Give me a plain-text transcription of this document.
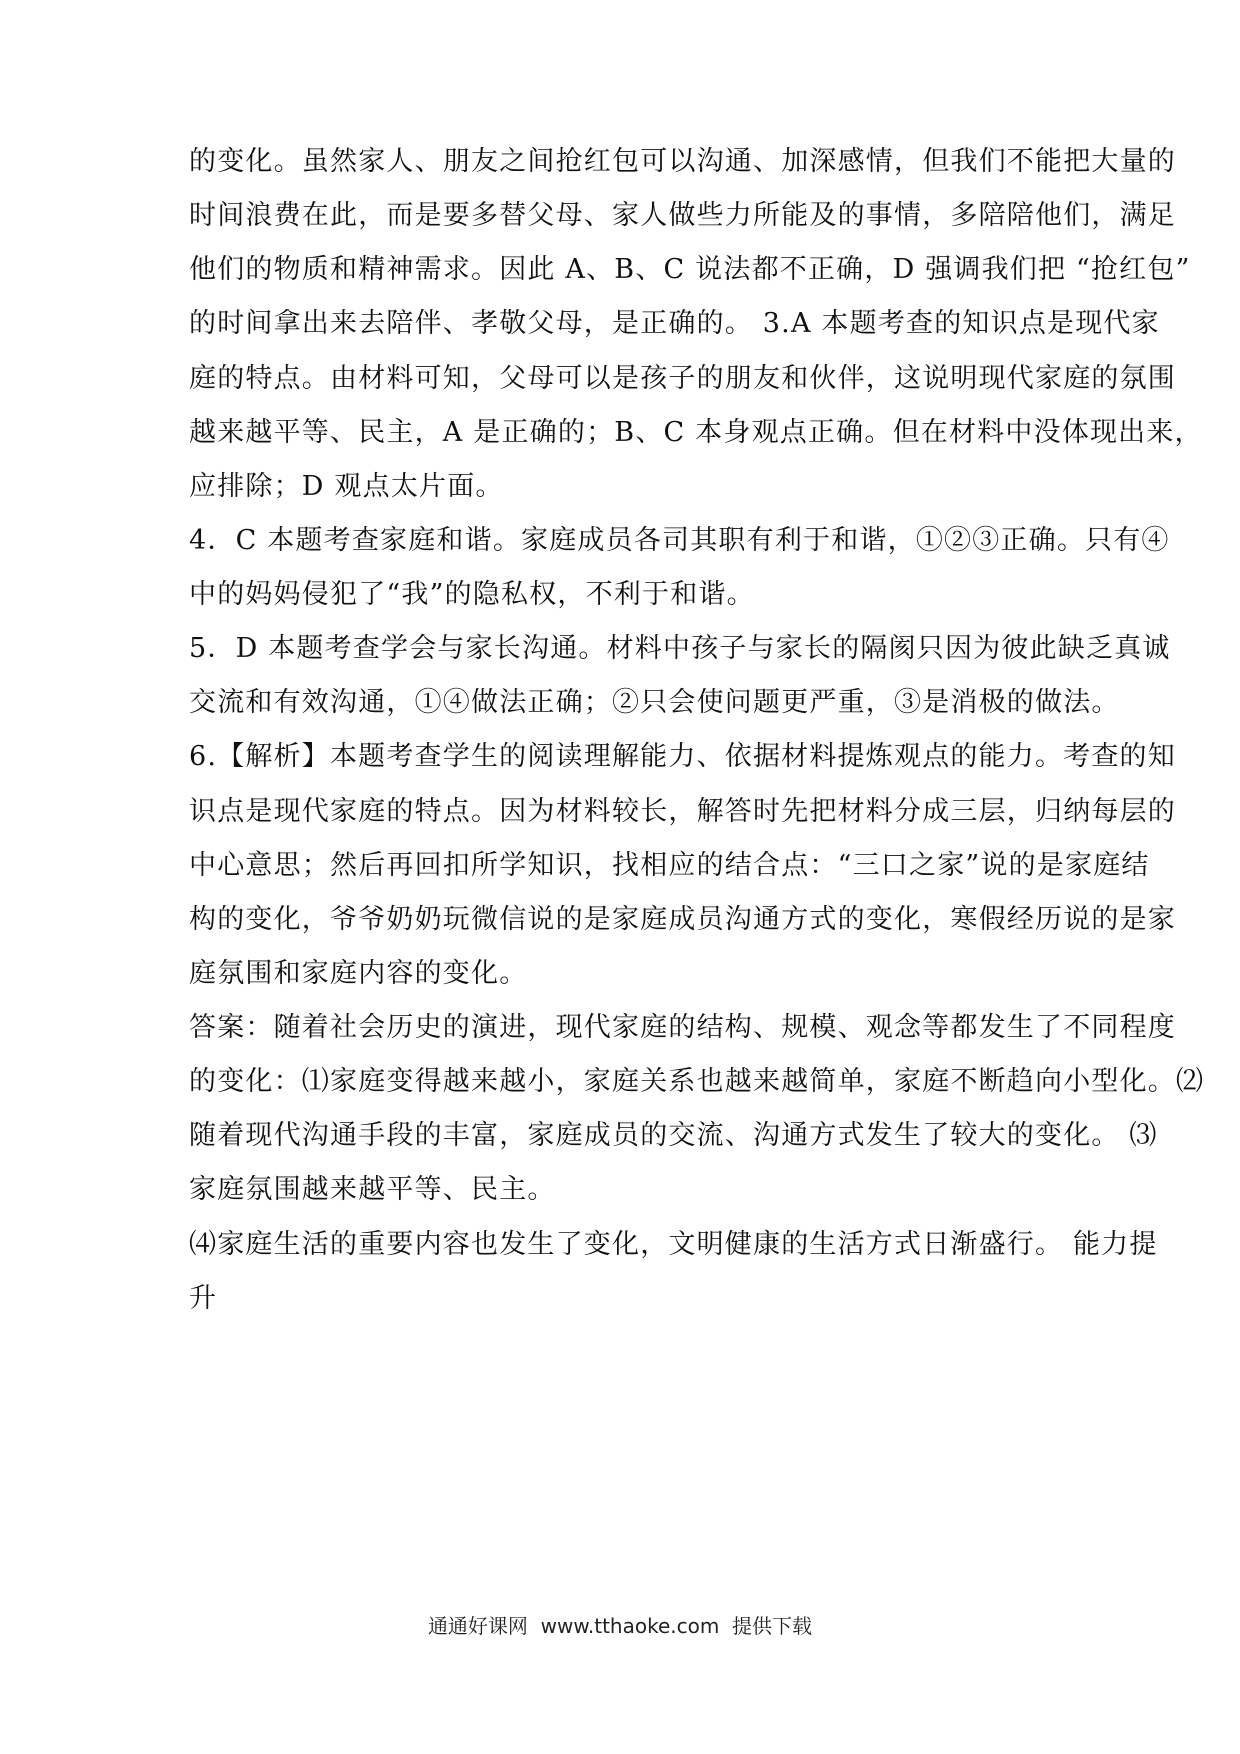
的变化。虽然家人、朋友之间抢红包可以沟通、加深感情，但我们不能把大量的
时间浪费在此，而是要多替父母、家人做些力所能及的事情，多陪陪他们，满足
他们的物质和精神需求。因此 A、B、C 说法都不正确，D 强调我们把 “抢红包”
的时间拿出来去陪伴、孝敬父母，是正确的。 3.A 本题考查的知识点是现代家
庭的特点。由材料可知，父母可以是孩子的朋友和伙伴，这说明现代家庭的氛围
越来越平等、民主，A 是正确的；B、C 本身观点正确。但在材料中没体现出来，
应排除；D 观点太片面。
4．C 本题考查家庭和谐。家庭成员各司其职有利于和谐，①②③正确。只有④
中的妈妈侵犯了“我”的隐私权，不利于和谐。
5．D 本题考查学会与家长沟通。材料中孩子与家长的隔阂只因为彼此缺乏真诚
交流和有效沟通，①④做法正确；②只会使问题更严重，③是消极的做法。
6.【解析】本题考查学生的阅读理解能力、依据材料提炼观点的能力。考查的知
识点是现代家庭的特点。因为材料较长，解答时先把材料分成三层，归纳每层的
中心意思；然后再回扣所学知识，找相应的结合点：“三口之家”说的是家庭结
构的变化，爷爷奶奶玩微信说的是家庭成员沟通方式的变化，寒假经历说的是家
庭氛围和家庭内容的变化。
答案：随着社会历史的演进，现代家庭的结构、规模、观念等都发生了不同程度
的变化：⑴家庭变得越来越小，家庭关系也越来越简单，家庭不断趋向小型化。⑵
随着现代沟通手段的丰富，家庭成员的交流、沟通方式发生了较大的变化。 ⑶
家庭氛围越来越平等、民主。
⑷家庭生活的重要内容也发生了变化，文明健康的生活方式日渐盛行。 能力提
升
通通好课网  www.tthaoke.com  提供下载
